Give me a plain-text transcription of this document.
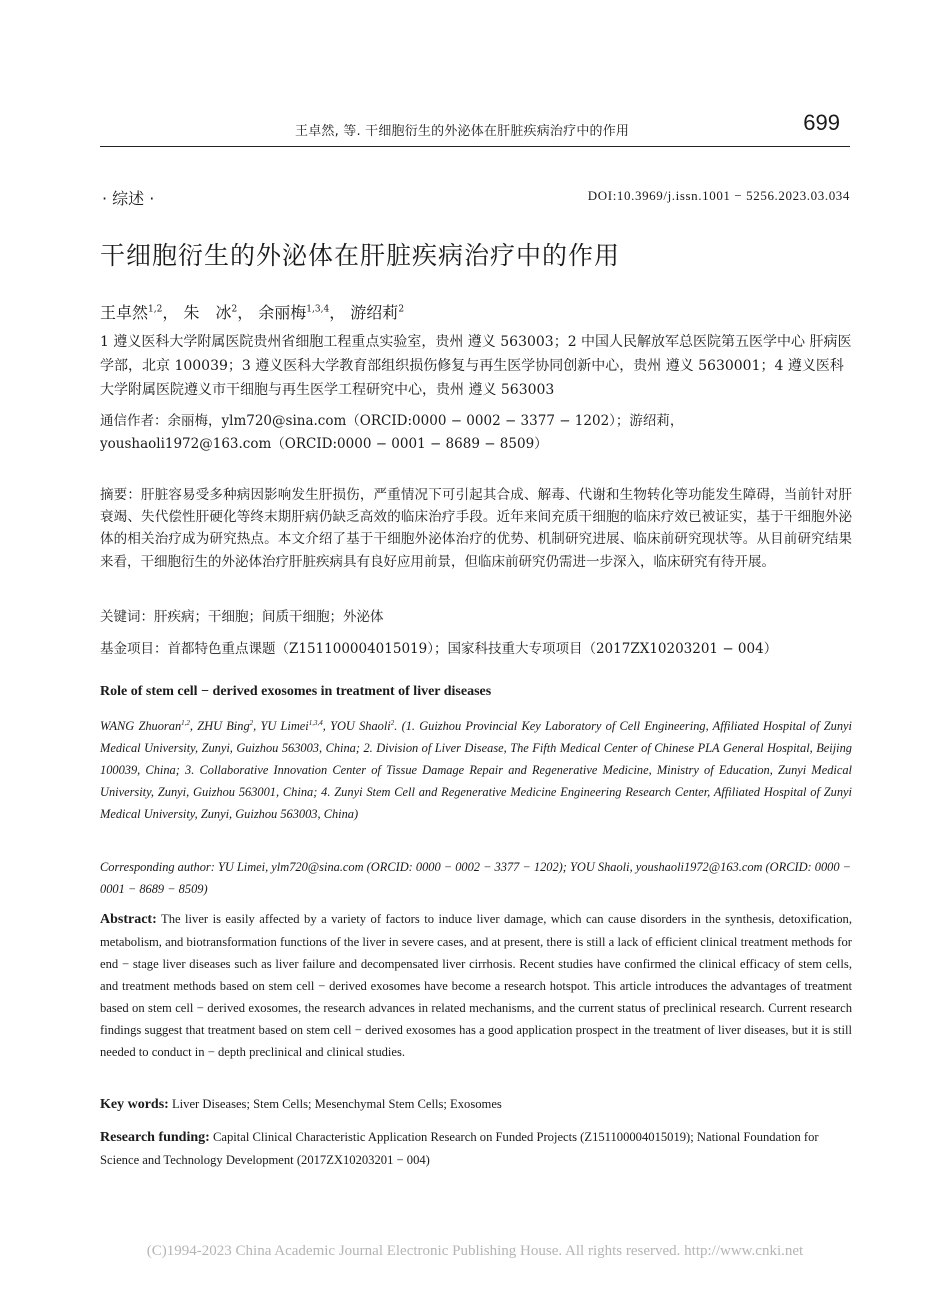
王卓然, 等. 干细胞衍生的外泌体在肝脏疾病治疗中的作用	699
· 综述 ·	DOI:10.3969/j.issn.1001 − 5256.2023.03.034
干细胞衍生的外泌体在肝脏疾病治疗中的作用
王卓然$^{1,2}$， 朱　冰$^2$， 余丽梅$^{1,3,4}$， 游绍莉$^2$
1 遵义医科大学附属医院贵州省细胞工程重点实验室，贵州 遵义 563003；2 中国人民解放军总医院第五医学中心 肝病医学部，北京 100039；3 遵义医科大学教育部组织损伤修复与再生医学协同创新中心，贵州 遵义 5630001；4 遵义医科大学附属医院遵义市干细胞与再生医学工程研究中心，贵州 遵义 563003
通信作者：余丽梅，ylm720@sina.com（ORCID:0000 − 0002 − 3377 − 1202）；游绍莉，youshaoli1972@163.com（ORCID:0000 − 0001 − 8689 − 8509）
摘要：肝脏容易受多种病因影响发生肝损伤，严重情况下可引起其合成、解毒、代谢和生物转化等功能发生障碍，当前针对肝衰竭、失代偿性肝硬化等终末期肝病仍缺乏高效的临床治疗手段。近年来间充质干细胞的临床疗效已被证实，基于干细胞外泌体的相关治疗成为研究热点。本文介绍了基于干细胞外泌体治疗的优势、机制研究进展、临床前研究现状等。从目前研究结果来看，干细胞衍生的外泌体治疗肝脏疾病具有良好应用前景，但临床前研究仍需进一步深入，临床研究有待开展。
关键词：肝疾病；干细胞；间质干细胞；外泌体
基金项目：首都特色重点课题（Z151100004015019）；国家科技重大专项项目（2017ZX10203201 − 004）
Role of stem cell − derived exosomes in treatment of liver diseases
WANG Zhuoran$^{1,2}$, ZHU Bing$^2$, YU Limei$^{1,3,4}$, YOU Shaoli$^2$. (1. Guizhou Provincial Key Laboratory of Cell Engineering, Affiliated Hospital of Zunyi Medical University, Zunyi, Guizhou 563003, China; 2. Division of Liver Disease, The Fifth Medical Center of Chinese PLA General Hospital, Beijing 100039, China; 3. Collaborative Innovation Center of Tissue Damage Repair and Regenerative Medicine, Ministry of Education, Zunyi Medical University, Zunyi, Guizhou 563001, China; 4. Zunyi Stem Cell and Regenerative Medicine Engineering Research Center, Affiliated Hospital of Zunyi Medical University, Zunyi, Guizhou 563003, China)
Corresponding author: YU Limei, ylm720@sina.com (ORCID: 0000 − 0002 − 3377 − 1202); YOU Shaoli, youshaoli1972@163.com (ORCID: 0000 − 0001 − 8689 − 8509)
Abstract: The liver is easily affected by a variety of factors to induce liver damage, which can cause disorders in the synthesis, detoxification, metabolism, and biotransformation functions of the liver in severe cases, and at present, there is still a lack of efficient clinical treatment methods for end − stage liver diseases such as liver failure and decompensated liver cirrhosis. Recent studies have confirmed the clinical efficacy of stem cells, and treatment methods based on stem cell − derived exosomes have become a research hotspot. This article introduces the advantages of treatment based on stem cell − derived exosomes, the research advances in related mechanisms, and the current status of preclinical research. Current research findings suggest that treatment based on stem cell − derived exosomes has a good application prospect in the treatment of liver diseases, but it is still needed to conduct in − depth preclinical and clinical studies.
Key words: Liver Diseases; Stem Cells; Mesenchymal Stem Cells; Exosomes
Research funding: Capital Clinical Characteristic Application Research on Funded Projects (Z151100004015019); National Foundation for Science and Technology Development (2017ZX10203201 − 004)
(C)1994-2023 China Academic Journal Electronic Publishing House. All rights reserved. http://www.cnki.net
